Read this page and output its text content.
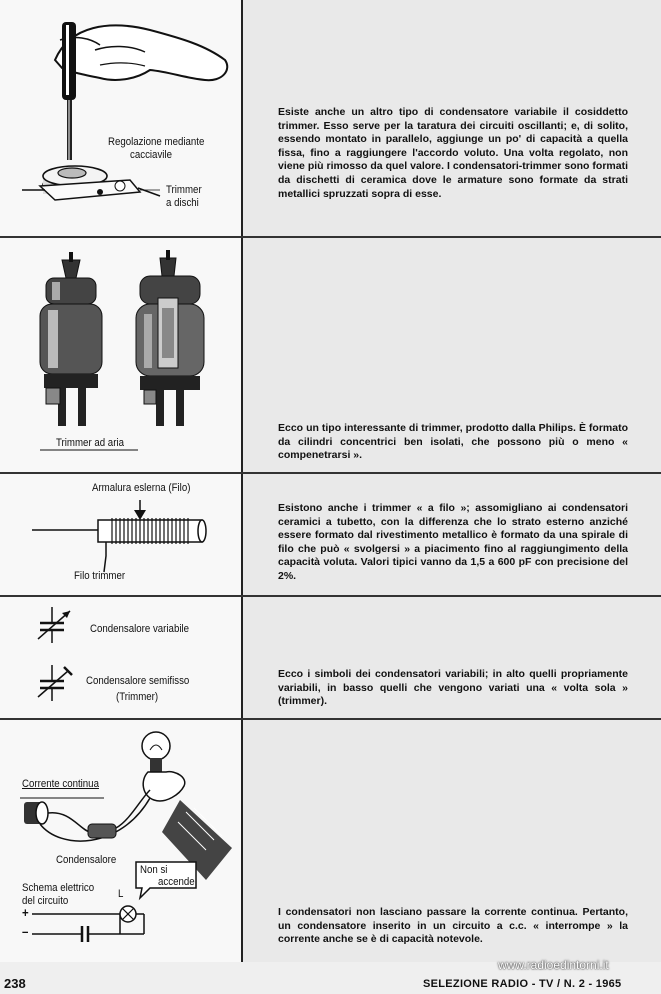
Regolazione mediante
cacciavile
Trimmer
a dischi
Trimmer ad aria
Armalura eslerna (Filo)
Filo trimmer
Condensalore variabile
Condensalore semifisso
(Trimmer)
Corrente continua
Condensalore
Non si
accende
Schema elettrico
del circuito
L
+
–

Esiste anche un altro tipo di condensatore variabile il cosiddetto trimmer. Esso serve per la taratura dei circuiti oscillanti; e, di solito, essendo montato in parallelo, aggiunge un po' di capacità a quella fissa, fino a raggiungere l'accordo voluto. Una volta regolato, non viene più rimosso da quel valore. I condensatori-trimmer sono formati da dischetti di ceramica dove le armature sono formate da strati metallici spruzzati sopra di esse.

Ecco un tipo interessante di trimmer, prodotto dalla Philips. È formato da cilindri concentrici ben isolati, che possono più o meno « compenetrarsi ».

Esistono anche i trimmer « a filo »; assomigliano ai condensatori ceramici a tubetto, con la differenza che lo strato esterno anziché essere formato dal rivestimento metallico è formato da una spirale di filo che può « svolgersi » a piacimento fino al raggiungimento della capacità voluta. Valori tipici vanno da 1,5 a 600 pF con precisione del 2%.

Ecco i simboli dei condensatori variabili; in alto quelli propriamente variabili, in basso quelli che vengono variati una « volta sola » (trimmer).

I condensatori non lasciano passare la corrente continua. Pertanto, un condensatore inserito in un circuito a c.c. « interrompe » la corrente anche se è di capacità notevole.

238	SELEZIONE RADIO - TV / N. 2 - 1965
www.radioedintorni.it
